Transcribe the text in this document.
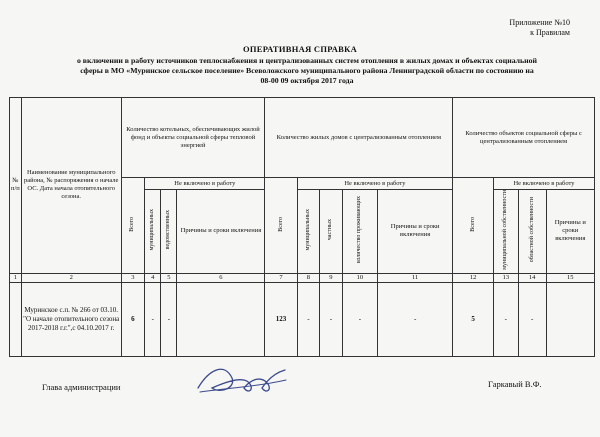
Приложение №10
к Правилам
ОПЕРАТИВНАЯ СПРАВКА
о включении в работу источников теплоснабжения и централизованных систем отопления в жилых домах и объектах социальной
сферы в МО «Муринское сельское поселение» Всеволожского муниципального района Ленинградской области по состоянию на
08-00 09 октября 2017 года
№ п/п	Наименование муниципального района, № распоряжения о начале ОС. Дата начала отопительного сезона.	Количество котельных, обеспечивающих жилой фонд и объекты социальной сферы тепловой энергией				Количество жилых домов с централизованным отоплением					Количество объектов социальной сферы с централизованным отоплением			
		Всего	Не включено в работу			Всего	Не включено в работу				Всего	Не включено в работу		
			муниципальных	ведомственных	Причины и сроки включения		муниципальных	частных	количество проживающих	Причины и сроки включения		муниципальной собственности	областной собственности	Причины и сроки включения
1	2	3	4	5	6	7	8	9	10	11	12	13	14	15
	Муринское с.п. № 266 от 03.10. "О начале отопительного сезона 2017-2018 г.г.",с 04.10.2017 г.	6	-	-		123	-	-	-	-	5	-	-	
Глава администрации	Гаркавый В.Ф.
